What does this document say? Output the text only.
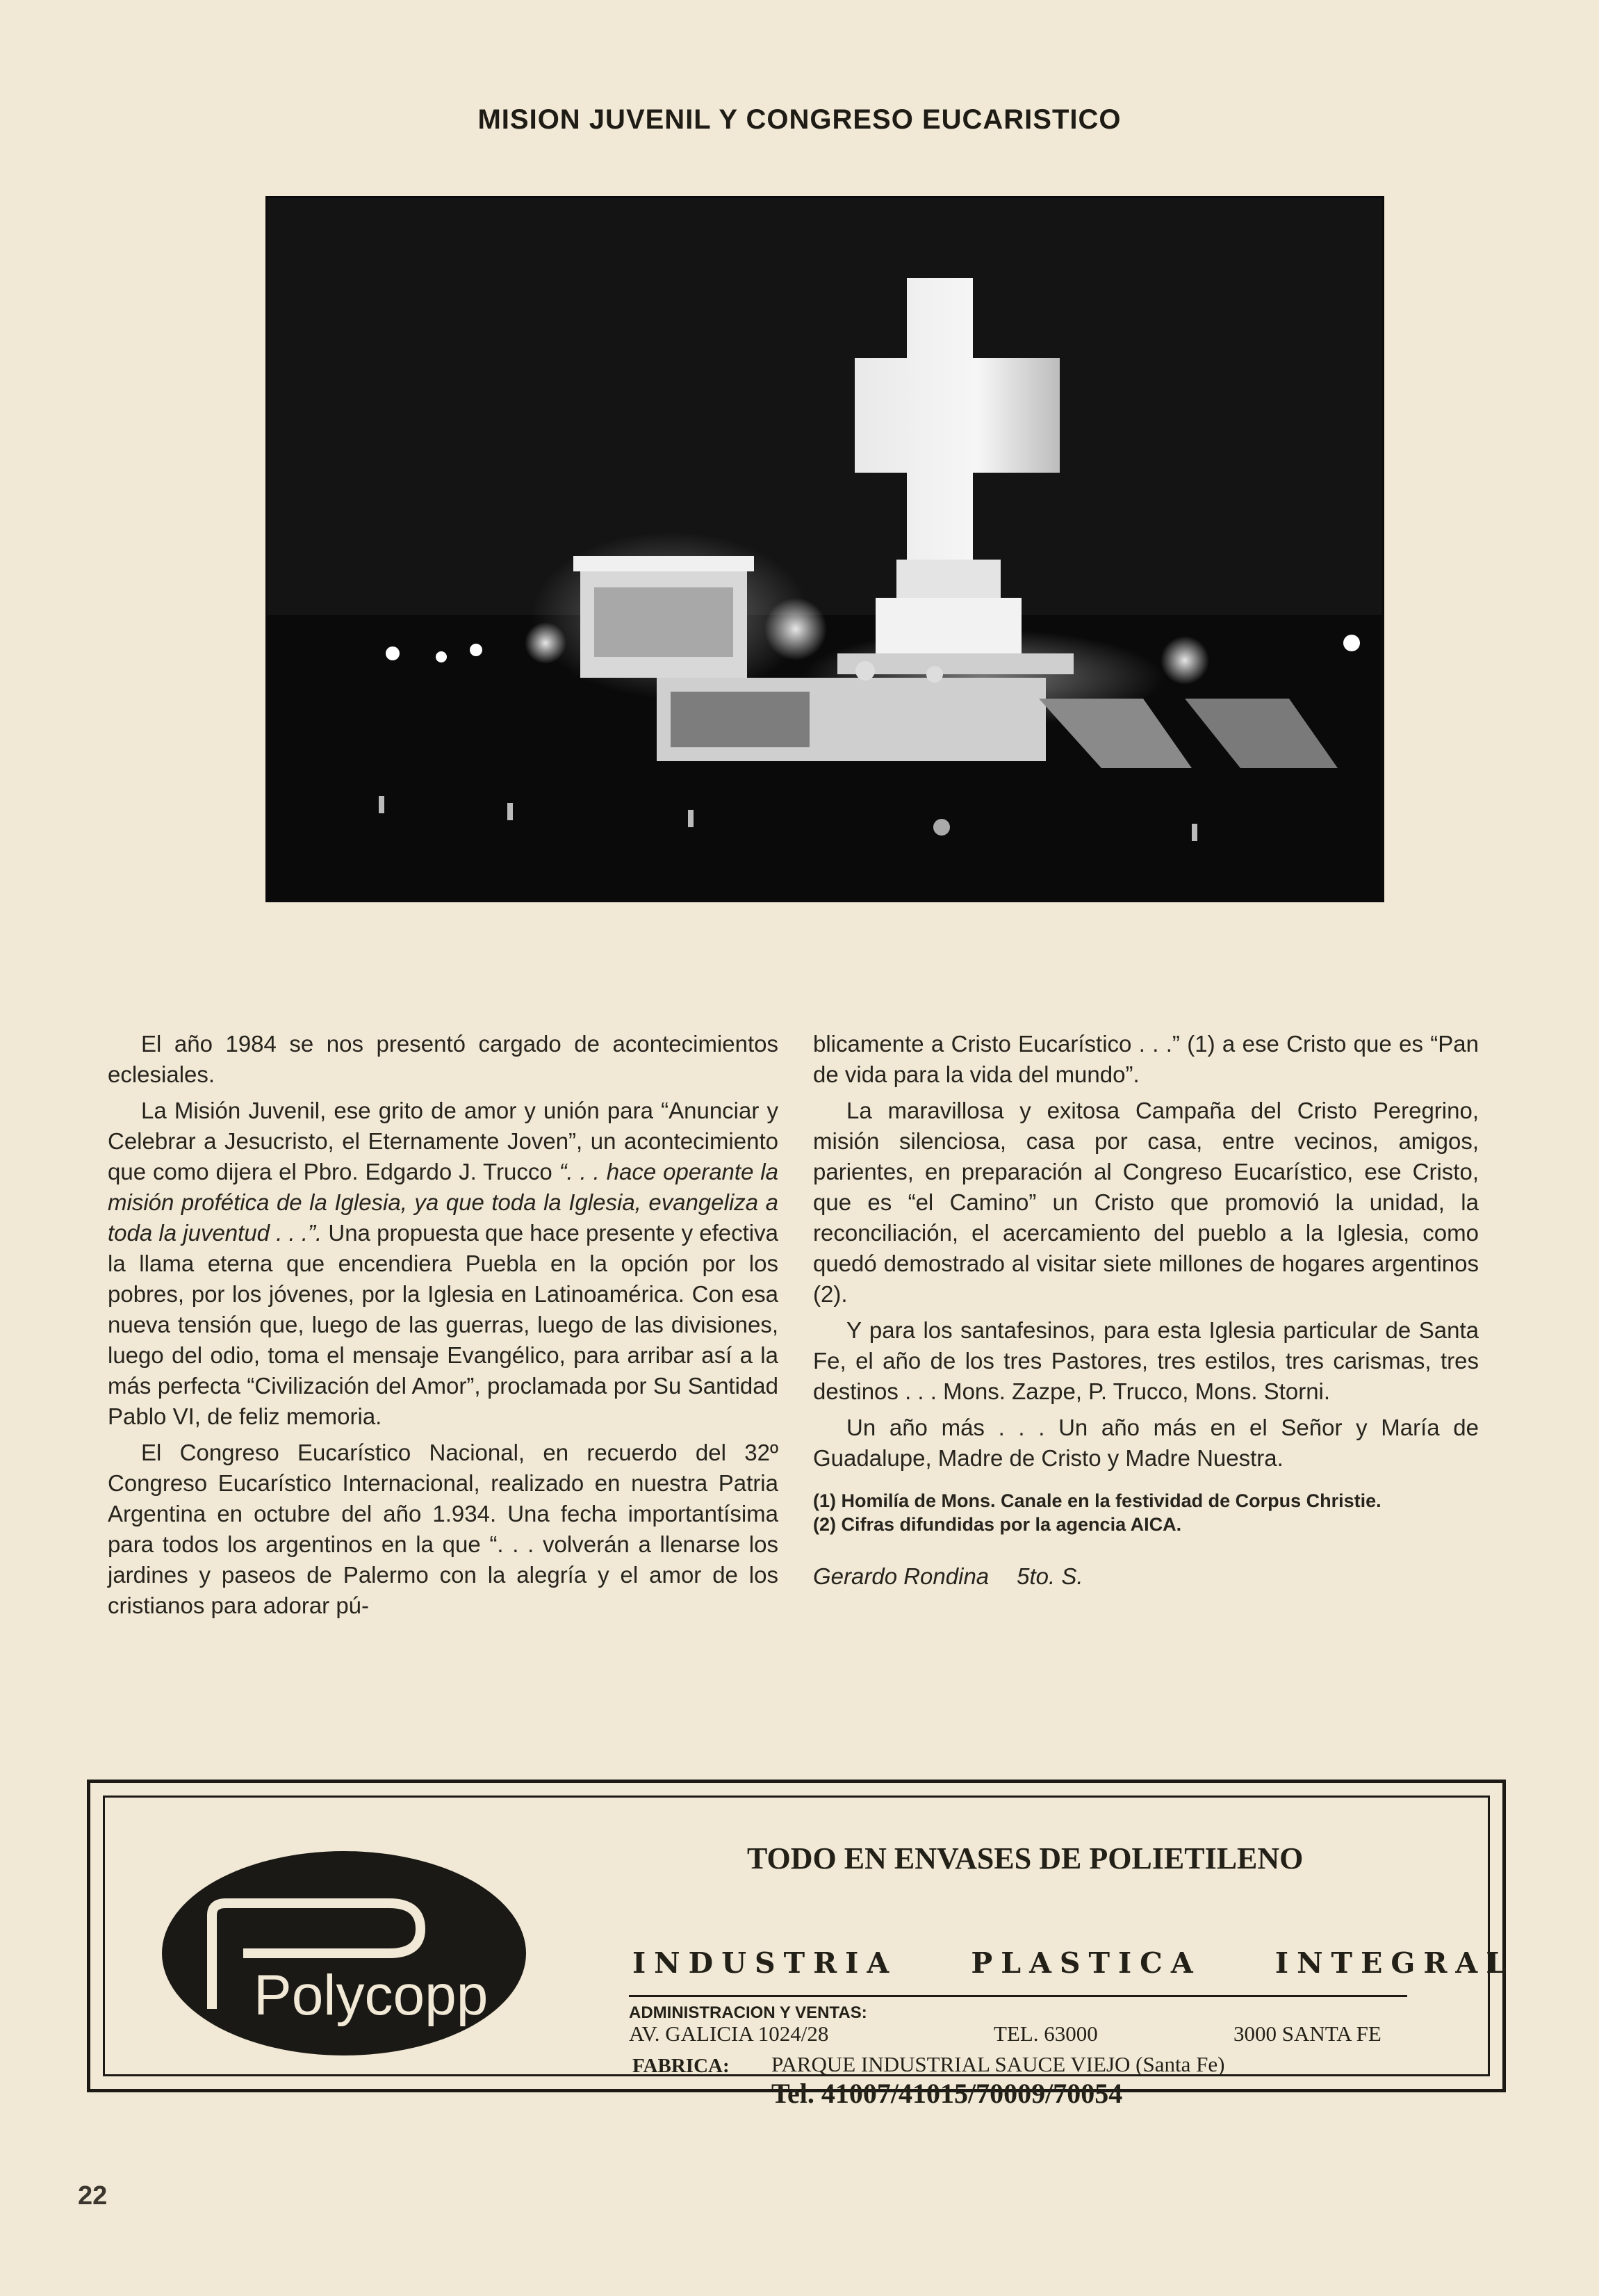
MISION JUVENIL Y CONGRESO EUCARISTICO

El año 1984 se nos presentó cargado de acontecimientos eclesiales.

La Misión Juvenil, ese grito de amor y unión para “Anunciar y Celebrar a Jesucristo, el Eternamente Joven”, un acontecimiento que como dijera el Pbro. Edgardo J. Trucco “. . . hace operante la misión profética de la Iglesia, ya que toda la Iglesia, evangeliza a toda la juventud . . .”. Una propuesta que hace presente y efectiva la llama eterna que encendiera Puebla en la opción por los pobres, por los jóvenes, por la Iglesia en Latinoamérica. Con esa nueva tensión que, luego de las guerras, luego de las divisiones, luego del odio, toma el mensaje Evangélico, para arribar así a la más perfecta “Civilización del Amor”, proclamada por Su Santidad Pablo VI, de feliz memoria.

El Congreso Eucarístico Nacional, en recuerdo del 32º Congreso Eucarístico Internacional, realizado en nuestra Patria Argentina en octubre del año 1.934. Una fecha importantísima para todos los argentinos en la que “. . . volverán a llenarse los jardines y paseos de Palermo con la alegría y el amor de los cristianos para adorar pú-

blicamente a Cristo Eucarístico . . .” (1) a ese Cristo que es “Pan de vida para la vida del mundo”.

La maravillosa y exitosa Campaña del Cristo Peregrino, misión silenciosa, casa por casa, entre vecinos, amigos, parientes, en preparación al Congreso Eucarístico, ese Cristo, que es “el Camino” un Cristo que promovió la unidad, la reconciliación, el acercamiento del pueblo a la Iglesia, como quedó demostrado al visitar siete millones de hogares argentinos (2).

Y para los santafesinos, para esta Iglesia particular de Santa Fe, el año de los tres Pastores, tres estilos, tres carismas, tres destinos . . . Mons. Zazpe, P. Trucco, Mons. Storni.

Un año más . . . Un año más en el Señor y María de Guadalupe, Madre de Cristo y Madre Nuestra.

(1) Homilía de Mons. Canale en la festividad de Corpus Christie.
(2) Cifras difundidas por la agencia AICA.
Gerardo Rondina 5to. S.
Polycopp
TODO EN ENVASES DE POLIETILENO
INDUSTRIA PLASTICA INTEGRAL
ADMINISTRACION Y VENTAS:
AV. GALICIA 1024/28	TEL. 63000	3000 SANTA FE
FABRICA: PARQUE INDUSTRIAL SAUCE VIEJO (Santa Fe)
Tel. 41007/41015/70009/70054
22
